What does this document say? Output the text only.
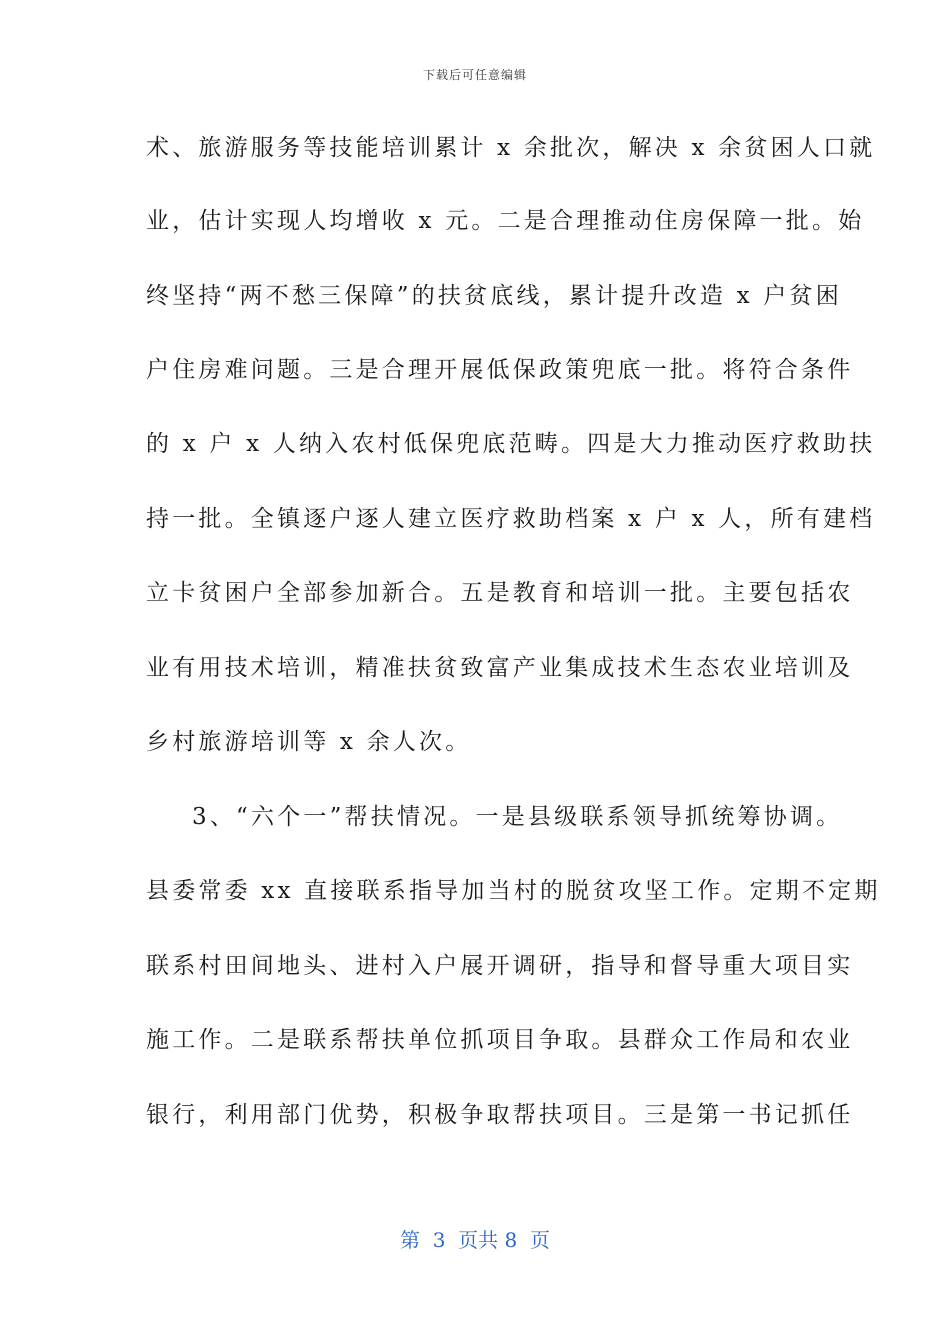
下载后可任意编辑
术、旅游服务等技能培训累计 x 余批次，解决 x 余贫困人口就
业，估计实现人均增收 x 元。二是合理推动住房保障一批。始
终坚持“两不愁三保障”的扶贫底线，累计提升改造 x 户贫困
户住房难问题。三是合理开展低保政策兜底一批。将符合条件
的 x 户 x 人纳入农村低保兜底范畴。四是大力推动医疗救助扶
持一批。全镇逐户逐人建立医疗救助档案 x 户 x 人，所有建档
立卡贫困户全部参加新合。五是教育和培训一批。主要包括农
业有用技术培训，精准扶贫致富产业集成技术生态农业培训及
乡村旅游培训等 x 余人次。
3、“六个一”帮扶情况。一是县级联系领导抓统筹协调。
县委常委 xx 直接联系指导加当村的脱贫攻坚工作。定期不定期
联系村田间地头、进村入户展开调研，指导和督导重大项目实
施工作。二是联系帮扶单位抓项目争取。县群众工作局和农业
银行，利用部门优势，积极争取帮扶项目。三是第一书记抓任
第  3  页共 8  页
